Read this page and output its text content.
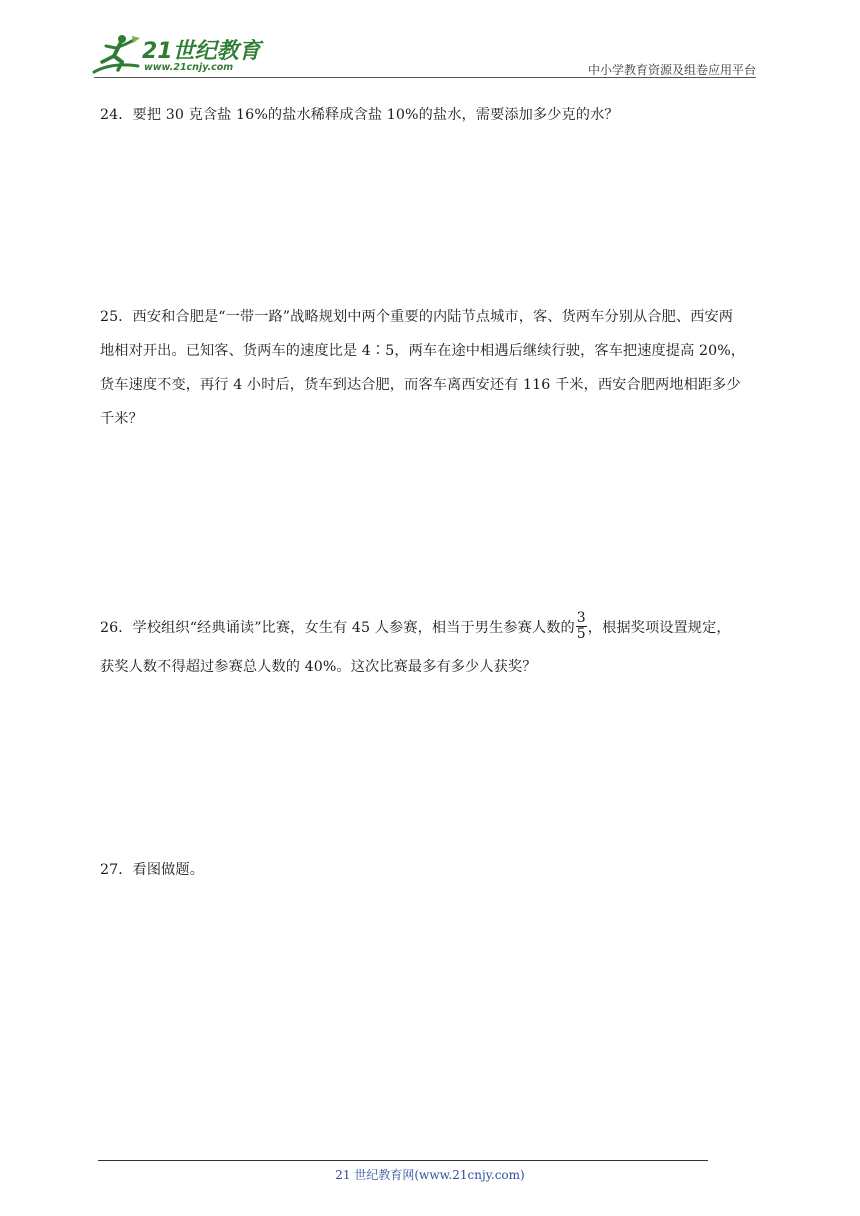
21世纪教育
www.21cnjy.com	中小学教育资源及组卷应用平台
24．要把 30 克含盐 16%的盐水稀释成含盐 10%的盐水，需要添加多少克的水？
25．西安和合肥是“一带一路”战略规划中两个重要的内陆节点城市，客、货两车分别从合肥、西安两
地相对开出。已知客、货两车的速度比是 4∶5，两车在途中相遇后继续行驶，客车把速度提高 20%，
货车速度不变，再行 4 小时后，货车到达合肥，而客车离西安还有 116 千米，西安合肥两地相距多少
千米？
26．学校组织“经典诵读”比赛，女生有 45 人参赛，相当于男生参赛人数的 $\frac{3}{5}$ ，根据奖项设置规定，
获奖人数不得超过参赛总人数的 40%。这次比赛最多有多少人获奖？
27．看图做题。
21 世纪教育网(www.21cnjy.com)
